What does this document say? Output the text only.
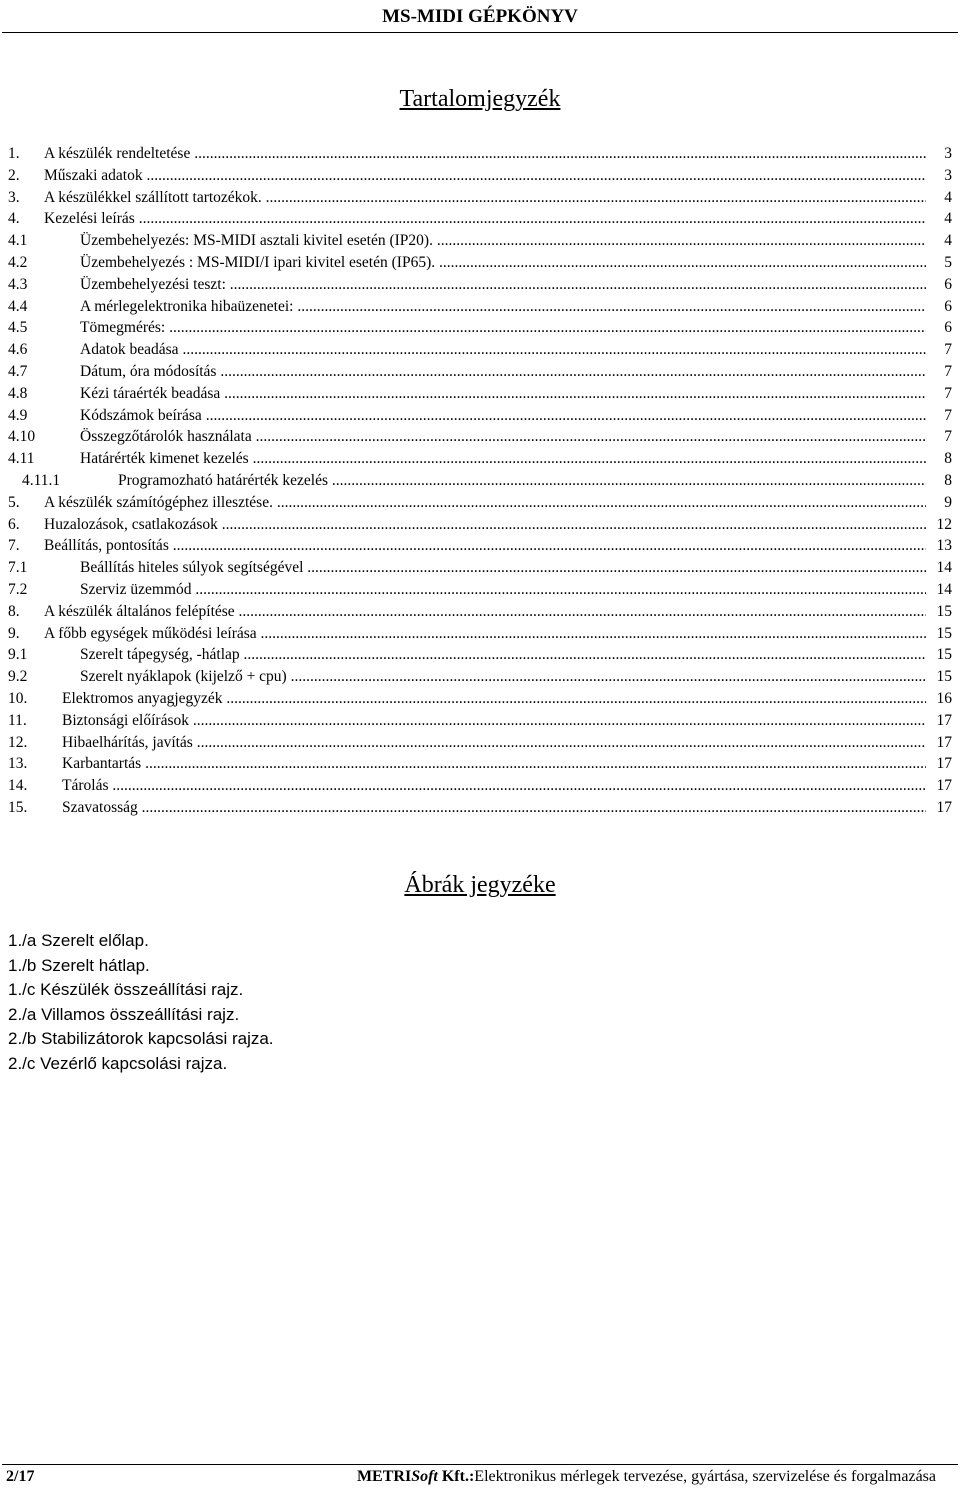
MS-MIDI GÉPKÖNYV
Tartalomjegyzék
1. A készülék rendeltetése .....	3
2. Műszaki adatok .....	3
3. A készülékkel szállított tartozékok. .....	4
4. Kezelési leírás .....	4
4.1	Üzembehelyezés: MS-MIDI asztali kivitel esetén (IP20). .....	4
4.2	Üzembehelyezés : MS-MIDI/I ipari kivitel esetén (IP65). .....	5
4.3	Üzembehelyezési teszt: .....	6
4.4	A mérlegelektronika hibaüzenetei: .....	6
4.5	Tömegmérés: .....	6
4.6	Adatok beadása .....	7
4.7	Dátum, óra módosítás .....	7
4.8	Kézi táraérték beadása .....	7
4.9	Kódszámok beírása .....	7
4.10	Összegzőtárolók használata .....	7
4.11	Határérték kimenet kezelés .....	8
4.11.1	Programozható határérték kezelés .....	8
5. A készülék számítógéphez illesztése. .....	9
6. Huzalozások, csatlakozások .....	12
7. Beállítás, pontosítás .....	13
7.1	Beállítás hiteles súlyok segítségével .....	14
7.2	Szerviz üzemmód .....	14
8. A készülék általános felépítése .....	15
9. A főbb egységek működési leírása .....	15
9.1	Szerelt tápegység, -hátlap .....	15
9.2	Szerelt nyáklapok (kijelző + cpu) .....	15
10. Elektromos anyagjegyzék .....	16
11. Biztonsági előírások .....	17
12. Hibaelhárítás, javítás .....	17
13. Karbantartás .....	17
14. Tárolás .....	17
15. Szavatosság .....	17
Ábrák jegyzéke
1./a Szerelt előlap.
1./b Szerelt hátlap.
1./c Készülék összeállítási rajz.
2./a Villamos összeállítási rajz.
2./b Stabilizátorok kapcsolási rajza.
2./c Vezérlő kapcsolási rajza.
2/17	METRISoft Kft.:Elektronikus mérlegek tervezése, gyártása, szervizelése és forgalmazása
